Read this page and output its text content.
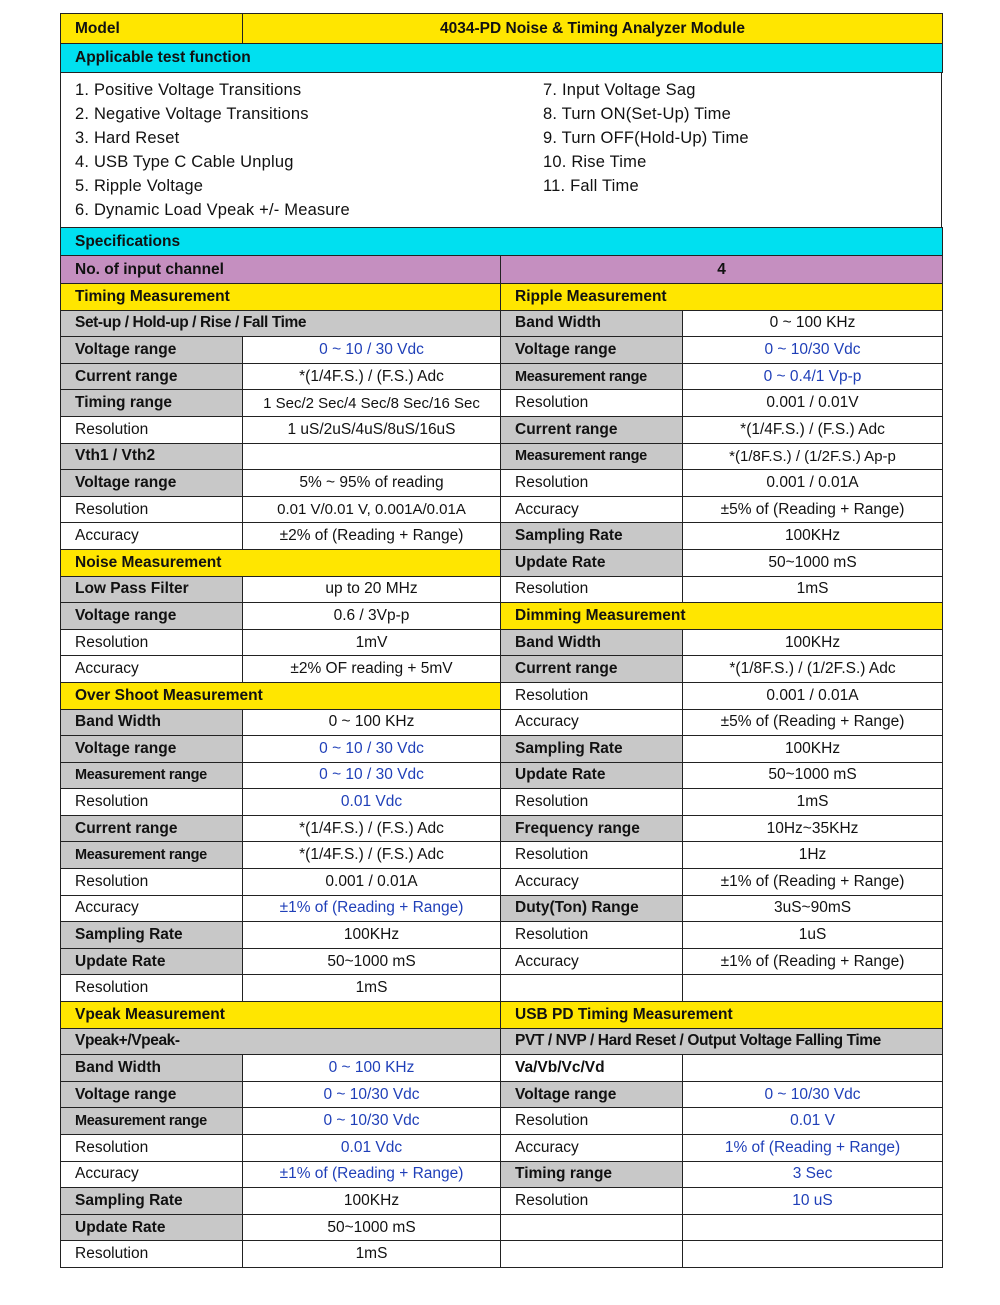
Model	4034-PD Noise & Timing Analyzer Module
Applicable test function
1. Positive Voltage Transitions
2. Negative Voltage Transitions
3. Hard Reset
4. USB Type C Cable Unplug
5. Ripple Voltage
6. Dynamic Load Vpeak +/- Measure
7. Input Voltage Sag
8. Turn ON(Set-Up) Time
9. Turn OFF(Hold-Up) Time
10. Rise Time
11. Fall Time
Specifications			
No. of input channel		4	
Timing Measurement		Ripple Measurement	
Set-up / Hold-up / Rise / Fall Time		Band Width	0 ~ 100 KHz
Voltage range	0 ~ 10 / 30 Vdc	Voltage range	0 ~ 10/30 Vdc
Current range	*(1/4F.S.) / (F.S.) Adc	Measurement range	0 ~ 0.4/1 Vp-p
Timing range	1 Sec/2 Sec/4 Sec/8 Sec/16 Sec	Resolution	0.001 / 0.01V
Resolution	1 uS/2uS/4uS/8uS/16uS	Current range	*(1/4F.S.) / (F.S.) Adc
Vth1 / Vth2		Measurement range	*(1/8F.S.) / (1/2F.S.) Ap-p
Voltage range	5% ~ 95% of reading	Resolution	0.001 / 0.01A
Resolution	0.01 V/0.01 V, 0.001A/0.01A	Accuracy	±5% of (Reading + Range)
Accuracy	±2% of (Reading + Range)	Sampling Rate	100KHz
Noise Measurement		Update Rate	50~1000 mS
Low Pass Filter	up to 20 MHz	Resolution	1mS
Voltage range	0.6 / 3Vp-p	Dimming Measurement	
Resolution	1mV	Band Width	100KHz
Accuracy	±2% OF reading + 5mV	Current range	*(1/8F.S.) / (1/2F.S.) Adc
Over Shoot Measurement		Resolution	0.001 / 0.01A
Band Width	0 ~ 100 KHz	Accuracy	±5% of (Reading + Range)
Voltage range	0 ~ 10 / 30 Vdc	Sampling Rate	100KHz
Measurement range	0 ~ 10 / 30 Vdc	Update Rate	50~1000 mS
Resolution	0.01 Vdc	Resolution	1mS
Current range	*(1/4F.S.) / (F.S.) Adc	Frequency range	10Hz~35KHz
Measurement range	*(1/4F.S.) / (F.S.) Adc	Resolution	1Hz
Resolution	0.001 / 0.01A	Accuracy	±1% of (Reading + Range)
Accuracy	±1% of (Reading + Range)	Duty(Ton) Range	3uS~90mS
Sampling Rate	100KHz	Resolution	1uS
Update Rate	50~1000 mS	Accuracy	±1% of (Reading + Range)
Resolution	1mS		
Vpeak Measurement		USB PD Timing Measurement	
Vpeak+/Vpeak-		PVT / NVP / Hard Reset / Output Voltage Falling Time	
Band Width	0 ~ 100 KHz	Va/Vb/Vc/Vd	
Voltage range	0 ~ 10/30 Vdc	Voltage range	0 ~ 10/30 Vdc
Measurement range	0 ~ 10/30 Vdc	Resolution	0.01 V
Resolution	0.01 Vdc	Accuracy	1% of (Reading + Range)
Accuracy	±1% of (Reading + Range)	Timing range	3 Sec
Sampling Rate	100KHz	Resolution	10 uS
Update Rate	50~1000 mS		
Resolution	1mS		
